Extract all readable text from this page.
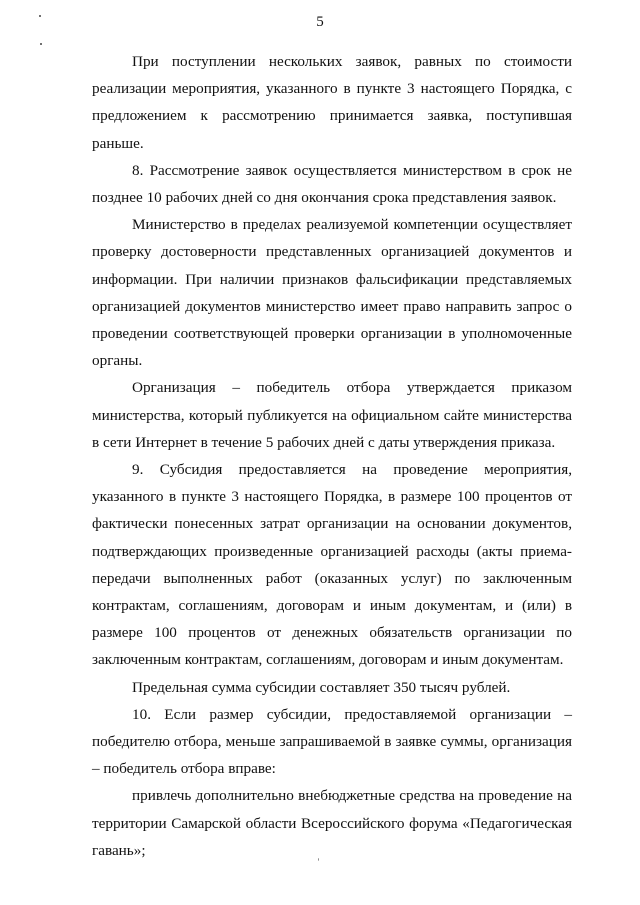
5

При поступлении нескольких заявок, равных по стоимости реализации мероприятия, указанного в пункте 3 настоящего Порядка, с предложением к рассмотрению принимается заявка, поступившая раньше.

8. Рассмотрение заявок осуществляется министерством в срок не позднее 10 рабочих дней со дня окончания срока представления заявок.

Министерство в пределах реализуемой компетенции осуществляет проверку достоверности представленных организацией документов и информации. При наличии признаков фальсификации представляемых организацией документов министерство имеет право направить запрос о проведении соответствующей проверки организации в уполномоченные органы.

Организация – победитель отбора утверждается приказом министерства, который публикуется на официальном сайте министерства в сети Интернет в течение 5 рабочих дней с даты утверждения приказа.

9. Субсидия предоставляется на проведение мероприятия, указанного в пункте 3 настоящего Порядка, в размере 100 процентов от фактически понесенных затрат организации на основании документов, подтверждающих произведенные организацией расходы (акты приема-передачи выполненных работ (оказанных услуг) по заключенным контрактам, соглашениям, договорам и иным документам, и (или) в размере 100 процентов от денежных обязательств организации по заключенным контрактам, соглашениям, договорам и иным документам.

Предельная сумма субсидии составляет 350 тысяч рублей.

10. Если размер субсидии, предоставляемой организации – победителю отбора, меньше запрашиваемой в заявке суммы, организация – победитель отбора вправе:

привлечь дополнительно внебюджетные средства на проведение на территории Самарской области Всероссийского форума «Педагогическая гавань»;
